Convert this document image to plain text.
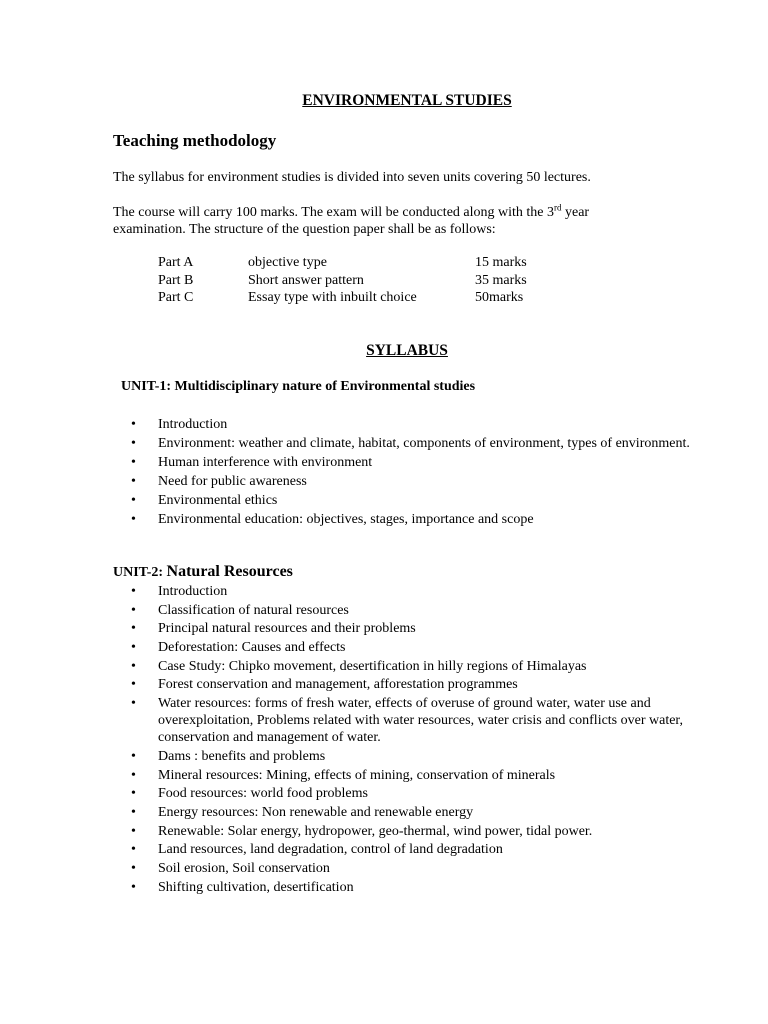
ENVIRONMENTAL STUDIES
Teaching methodology
The syllabus for environment studies is divided into seven units covering 50 lectures.
The course will carry 100 marks. The exam will be conducted along with the 3rd year
examination. The structure of the question paper shall be as follows:
Part A	objective type	15 marks
Part B	Short answer pattern	35 marks
Part C	Essay type with inbuilt choice	50marks
SYLLABUS
UNIT-1: Multidisciplinary nature of Environmental studies
• Introduction
• Environment: weather and climate, habitat, components of environment, types of environment.
• Human interference with environment
• Need for public awareness
• Environmental ethics
• Environmental education: objectives, stages, importance and scope
UNIT-2: Natural Resources
• Introduction
• Classification of natural resources
• Principal natural resources and their problems
• Deforestation: Causes and effects
• Case Study: Chipko movement, desertification in hilly regions of Himalayas
• Forest conservation and management, afforestation programmes
• Water resources: forms of fresh water, effects of overuse of ground water, water use and overexploitation, Problems related with water resources, water crisis and conflicts over water, conservation and management of water.
• Dams : benefits and problems
• Mineral resources: Mining, effects of mining, conservation of minerals
• Food resources: world food problems
• Energy resources: Non renewable and renewable energy
• Renewable: Solar energy, hydropower, geo-thermal, wind power, tidal power.
• Land resources, land degradation, control of land degradation
• Soil erosion, Soil conservation
• Shifting cultivation, desertification
